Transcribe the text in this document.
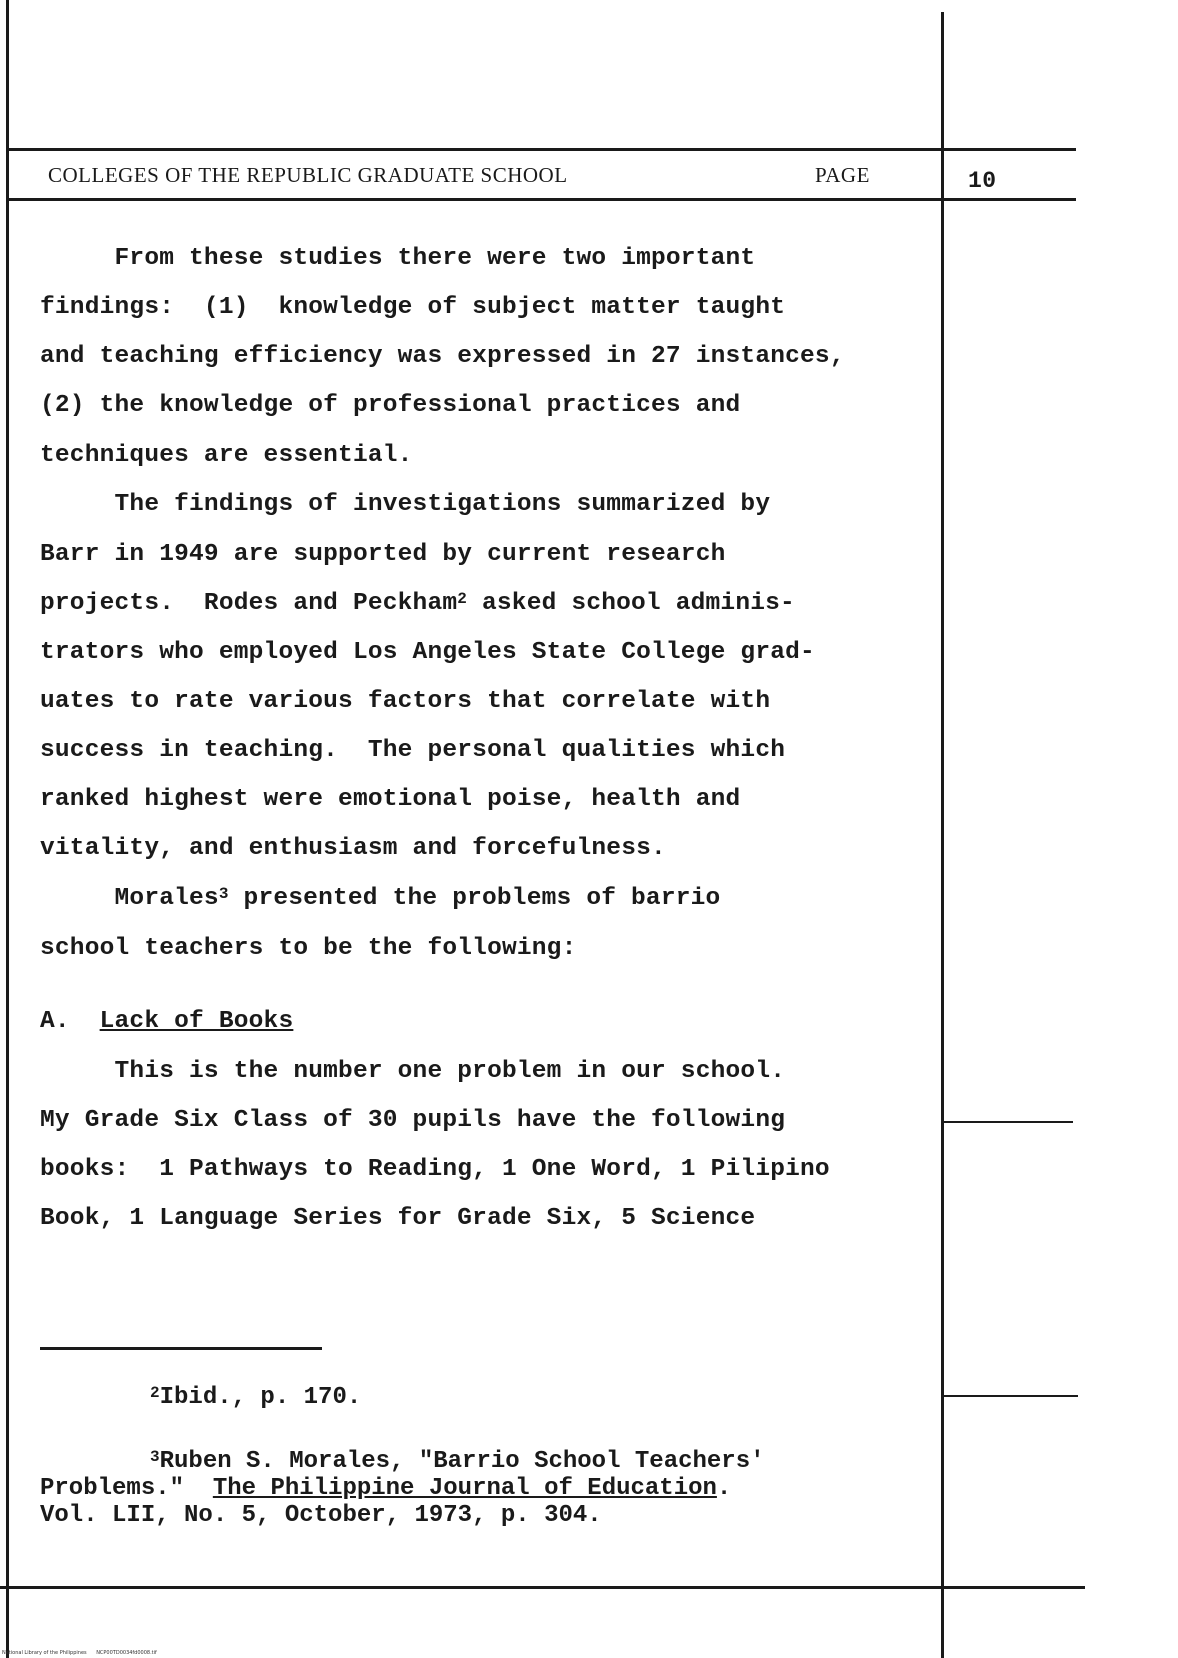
COLLEGES OF THE REPUBLIC GRADUATE SCHOOL	PAGE	10
From these studies there were two important
findings:  (1)  knowledge of subject matter taught
and teaching efficiency was expressed in 27 instances,
(2) the knowledge of professional practices and
techniques are essential.
The findings of investigations summarized by
Barr in 1949 are supported by current research
projects.  Rodes and Peckham$^2$ asked school adminis-
trators who employed Los Angeles State College grad-
uates to rate various factors that correlate with
success in teaching.  The personal qualities which
ranked highest were emotional poise, health and
vitality, and enthusiasm and forcefulness.
Morales$^3$ presented the problems of barrio
school teachers to be the following:
A.  Lack of Books
This is the number one problem in our school.
My Grade Six Class of 30 pupils have the following
books:  1 Pathways to Reading, 1 One Word, 1 Pilipino
Book, 1 Language Series for Grade Six, 5 Science
$^2$Ibid., p. 170.
$^3$Ruben S. Morales, "Barrio School Teachers'
Problems."  The Philippine Journal of Education.
Vol. LII, No. 5, October, 1973, p. 304.
National Library of the Philippines NCP00TD0034fd0008.tif
